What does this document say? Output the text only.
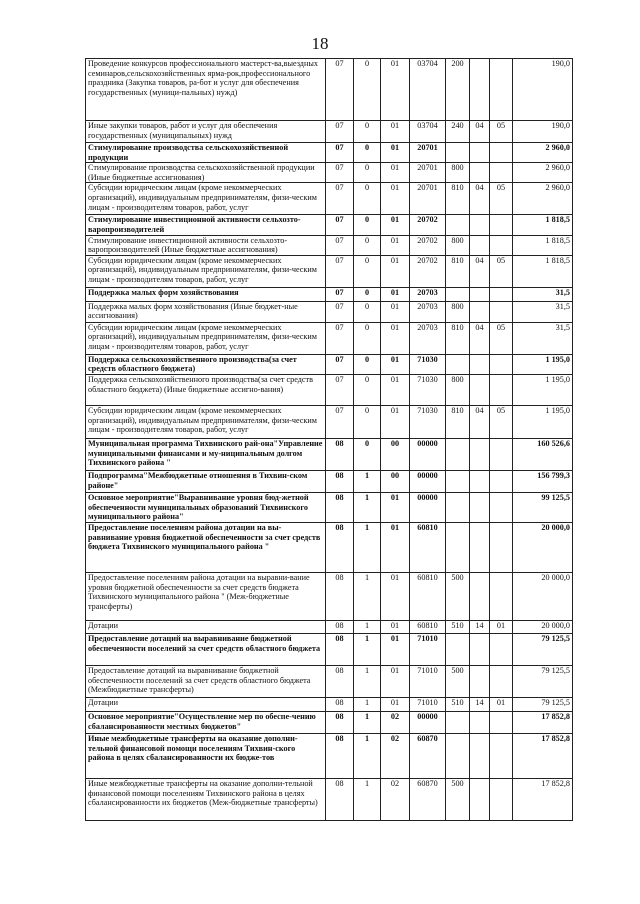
18
Проведение конкурсов профессионального мастерст-ва,выездных семинаров,сельскохозяйственных ярма-рок,профессионального праздника (Закупка товаров, ра-бот и услуг для обеспечения государственных (муници-пальных) нужд)	07	0	01	03704	200			190,0
Иные закупки товаров, работ и услуг для обеспечения государственных (муниципальных) нужд	07	0	01	03704	240	04	05	190,0
Стимулирование производства сельскохозяйственной продукции	07	0	01	20701				2 960,0
Стимулирование производства сельскохозяйственной продукции (Иные бюджетные ассигнования)	07	0	01	20701	800			2 960,0
Субсидии юридическим лицам (кроме некоммерческих организаций), индивидуальным предпринимателям, физи-ческим лицам - производителям товаров, работ, услуг	07	0	01	20701	810	04	05	2 960,0
Стимулирование инвестиционной активности сельхозто-варопроизводителей	07	0	01	20702				1 818,5
Стимулирование инвестиционной активности сельхозто-варопроизводителей (Иные бюджетные ассигнования)	07	0	01	20702	800			1 818,5
Субсидии юридическим лицам (кроме некоммерческих организаций), индивидуальным предпринимателям, физи-ческим лицам - производителям товаров, работ, услуг	07	0	01	20702	810	04	05	1 818,5
Поддержка малых форм хозяйствования	07	0	01	20703				31,5
Поддержка малых форм хозяйствования (Иные бюджет-ные ассигнования)	07	0	01	20703	800			31,5
Субсидии юридическим лицам (кроме некоммерческих организаций), индивидуальным предпринимателям, физи-ческим лицам - производителям товаров, работ, услуг	07	0	01	20703	810	04	05	31,5
Поддержка сельскохозяйственного производства(за счет средств областного бюджета)	07	0	01	71030				1 195,0
Поддержка сельскохозяйственного производства(за счет средств областного бюджета) (Иные бюджетные ассигно-вания)	07	0	01	71030	800			1 195,0
Субсидии юридическим лицам (кроме некоммерческих организаций), индивидуальным предпринимателям, физи-ческим лицам - производителям товаров, работ, услуг	07	0	01	71030	810	04	05	1 195,0
Муниципальная программа Тихвинского рай-она"Управление муниципальными финансами и му-ниципальным долгом Тихвинского района "	08	0	00	00000				160 526,6
Подпрограмма"Межбюджетные отношения в Тихвин-ском районе"	08	1	00	00000				156 799,3
Основное мероприятие"Выравнивание уровня бюд-жетной обеспеченности муниципальных образований Тихвинского муниципального района"	08	1	01	00000				99 125,5
Предоставление поселениям района дотации на вы-равнивание уровня бюджетной обеспеченности за счет средств бюджета Тихвинского муниципального района "	08	1	01	60810				20 000,0
Предоставление поселениям района дотации на выравни-вание уровня бюджетной обеспеченности за счет средств бюджета Тихвинского муниципального района " (Меж-бюджетные трансферты)	08	1	01	60810	500			20 000,0
Дотации	08	1	01	60810	510	14	01	20 000,0
Предоставление дотаций на выравнивание бюджетной обеспеченности поселений за счет средств областного бюджета	08	1	01	71010				79 125,5
Предоставление дотаций на выравнивание бюджетной обеспеченности поселений за счет средств областного бюджета (Межбюджетные трансферты)	08	1	01	71010	500			79 125,5
Дотации	08	1	01	71010	510	14	01	79 125,5
Основное мероприятие"Осуществление мер по обеспе-чению сбалансированности местных бюджетов"	08	1	02	00000				17 852,8
Иные межбюджетные трансферты на оказание дополни-тельной финансовой помощи поселениям Тихвин-ского района в целях сбалансированности их бюдже-тов	08	1	02	60870				17 852,8
Иные межбюджетные трансферты на оказание дополни-тельной финансовой помощи поселениям Тихвинского района в целях сбалансированности их бюджетов (Меж-бюджетные трансферты)	08	1	02	60870	500			17 852,8
